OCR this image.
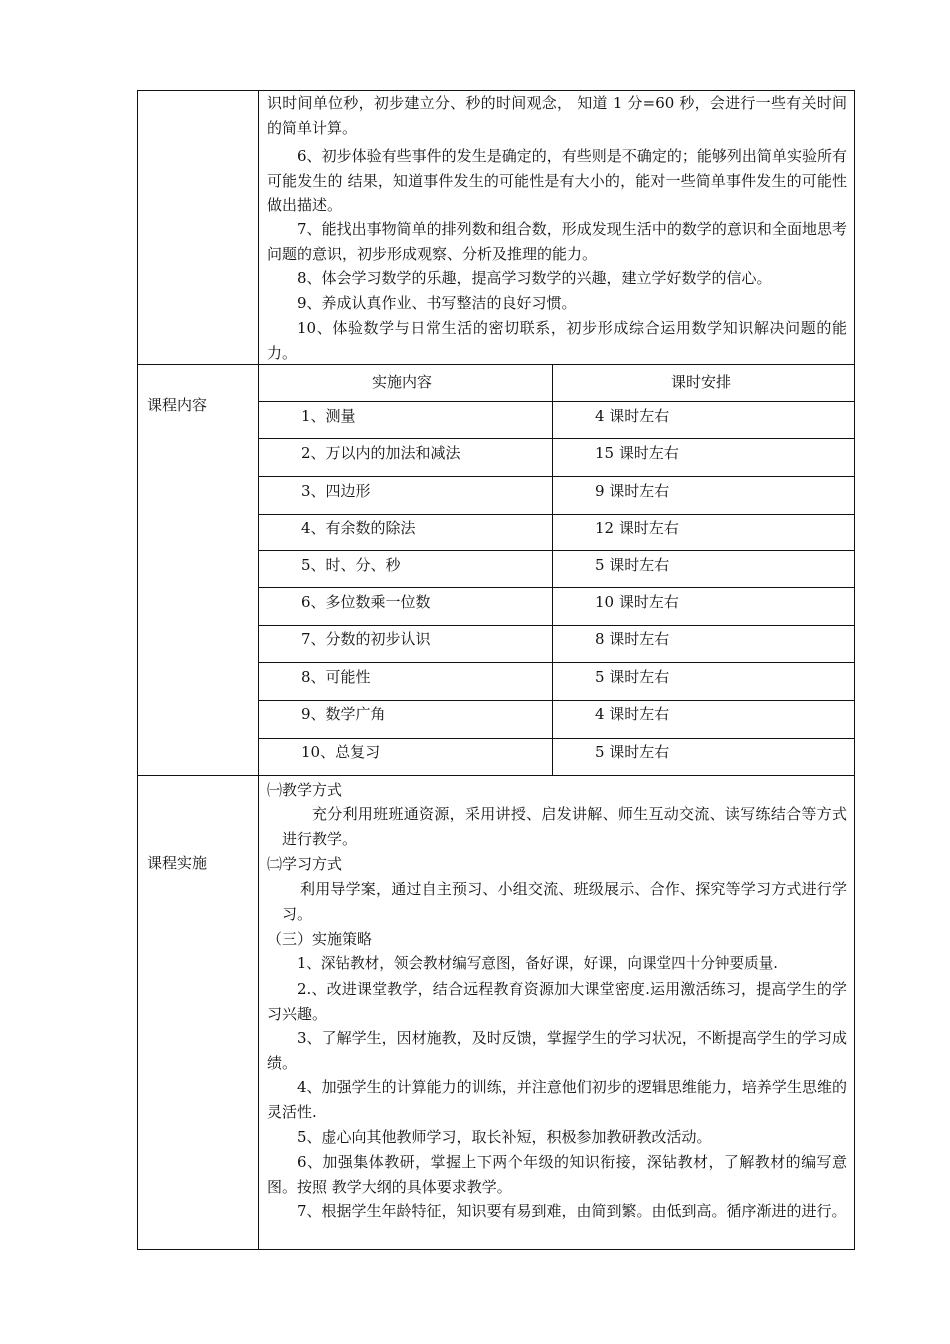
识时间单位秒，初步建立分、秒的时间观念， 知道 1 分=60 秒，会进行一些有关时间的简单计算。

6、初步体验有些事件的发生是确定的，有些则是不确定的；能够列出简单实验所有可能发生的 结果，知道事件发生的可能性是有大小的，能对一些简单事件发生的可能性做出描述。

7、能找出事物简单的排列数和组合数，形成发现生活中的数学的意识和全面地思考问题的意识，初步形成观察、分析及推理的能力。

8、体会学习数学的乐趣，提高学习数学的兴趣，建立学好数学的信心。

9、养成认真作业、书写整洁的良好习惯。

10、体验数学与日常生活的密切联系，初步形成综合运用数学知识解决问题的能力。

课程内容
实施内容	课时安排
1、测量	4 课时左右
2、万以内的加法和减法	15 课时左右
3、四边形	9 课时左右
4、有余数的除法	12 课时左右
5、时、分、秒	5 课时左右
6、多位数乘一位数	10 课时左右
7、分数的初步认识	8 课时左右
8、可能性	5 课时左右
9、数学广角	4 课时左右
10、总复习	5 课时左右
课程实施

㈠教学方式

充分利用班班通资源，采用讲授、启发讲解、师生互动交流、读写练结合等方式进行教学。

㈡学习方式

利用导学案，通过自主预习、小组交流、班级展示、合作、探究等学习方式进行学习。

（三）实施策略

1、深钻教材，领会教材编写意图，备好课，好课，向课堂四十分钟要质量.

2.、改进课堂教学，结合远程教育资源加大课堂密度.运用激活练习，提高学生的学习兴趣。

3、了解学生，因材施教，及时反馈，掌握学生的学习状况，不断提高学生的学习成绩。

4、加强学生的计算能力的训练，并注意他们初步的逻辑思维能力，培养学生思维的灵活性.

5、虚心向其他教师学习，取长补短，积极参加教研教改活动。

6、加强集体教研，掌握上下两个年级的知识衔接，深钻教材，了解教材的编写意图。按照 教学大纲的具体要求教学。

7、根据学生年龄特征，知识要有易到难，由简到繁。由低到高。循序渐进的进行。
